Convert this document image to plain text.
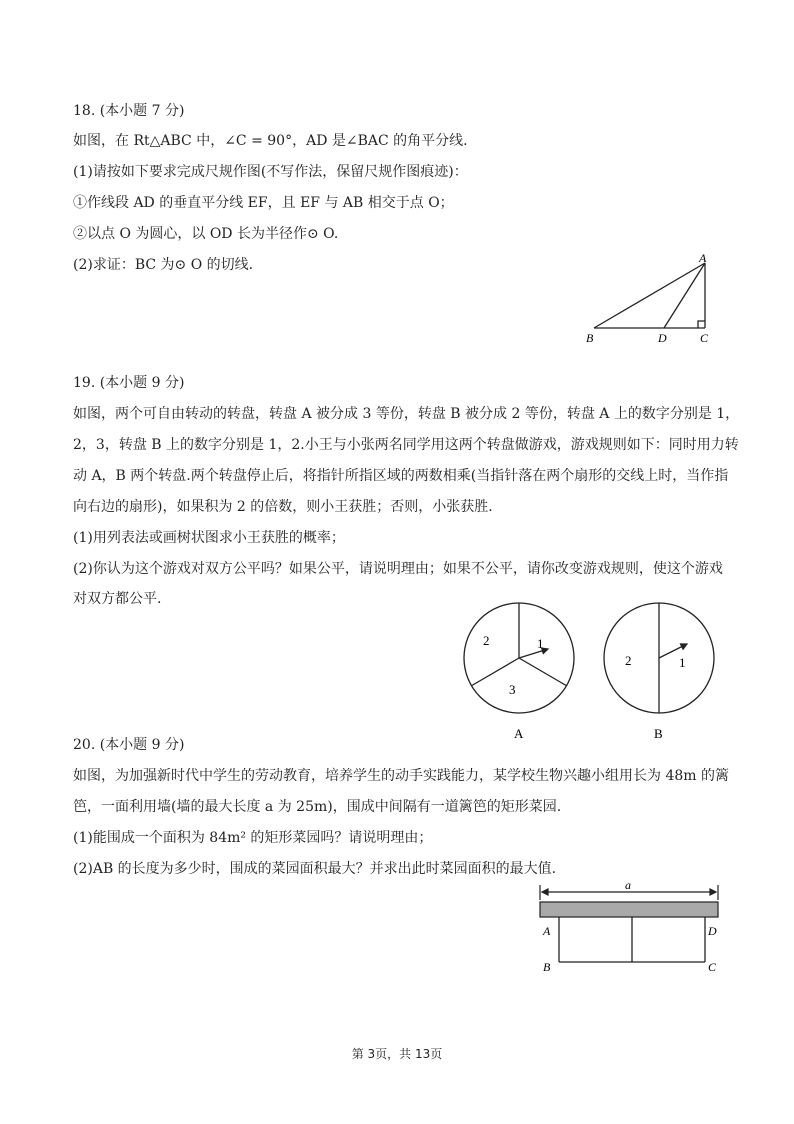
18. (本小题 7 分)
如图，在 Rt△ABC 中，∠C = 90°，AD 是∠BAC 的角平分线.
(1)请按如下要求完成尺规作图(不写作法，保留尺规作图痕迹)：
①作线段 AD 的垂直平分线 EF，且 EF 与 AB 相交于点 O；
②以点 O 为圆心，以 OD 长为半径作⊙ O.
(2)求证：BC 为⊙ O 的切线.	A
B	D	C
19. (本小题 9 分)
如图，两个可自由转动的转盘，转盘 A 被分成 3 等份，转盘 B 被分成 2 等份，转盘 A 上的数字分别是 1，
2，3，转盘 B 上的数字分别是 1，2.小王与小张两名同学用这两个转盘做游戏，游戏规则如下：同时用力转
动 A，B 两个转盘.两个转盘停止后，将指针所指区域的两数相乘(当指针落在两个扇形的交线上时，当作指
向右边的扇形)，如果积为 2 的倍数，则小王获胜；否则，小张获胜.
(1)用列表法或画树状图求小王获胜的概率；
(2)你认为这个游戏对双方公平吗？如果公平，请说明理由；如果不公平，请你改变游戏规则，使这个游戏
对双方都公平.
2	1
3
A
2	1
B
20. (本小题 9 分)
如图，为加强新时代中学生的劳动教育，培养学生的动手实践能力，某学校生物兴趣小组用长为 48m 的篱
笆，一面利用墙(墙的最大长度 a 为 25m)，围成中间隔有一道篱笆的矩形菜园.
(1)能围成一个面积为 84m² 的矩形菜园吗？请说明理由；
(2)AB 的长度为多少时，围成的菜园面积最大？并求出此时菜园面积的最大值.
a
A	D
B	C
第 3页，共 13页
